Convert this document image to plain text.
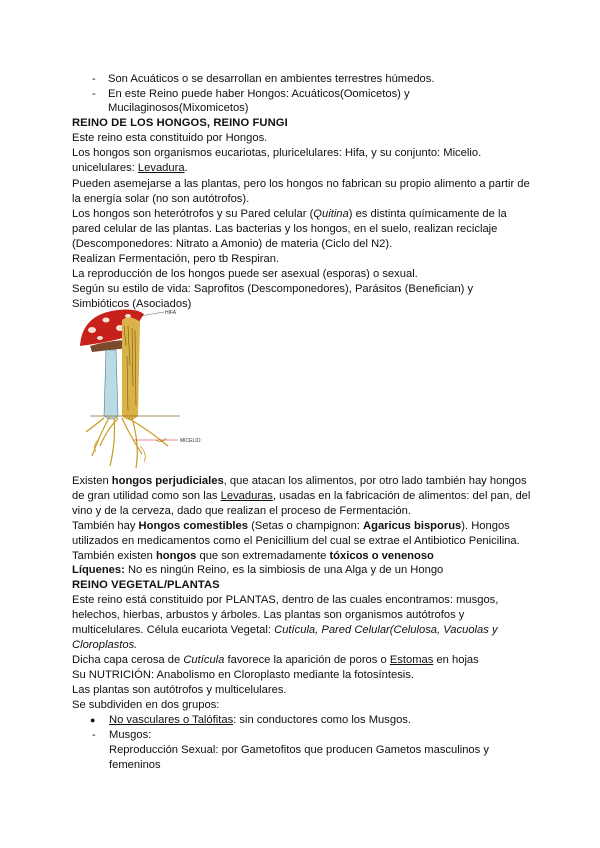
- Son Acuáticos o se desarrollan en ambientes terrestres húmedos.
- En este Reino puede haber Hongos: Acuáticos(Oomicetos) y
Mucilaginosos(Mixomicetos)
REINO DE LOS HONGOS, REINO FUNGI
Este reino esta constituido por Hongos.
Los hongos son organismos eucariotas, pluricelulares: Hifa, y su conjunto: Micelio.
unicelulares: Levadura.
Pueden asemejarse a las plantas, pero los hongos no fabrican su propio alimento a partir de
la energía solar (no son autótrofos).
Los hongos son heterótrofos y su Pared celular (Quitina) es distinta químicamente de la
pared celular de las plantas. Las bacterias y los hongos, en el suelo, realizan reciclaje
(Descomponedores: Nitrato a Amonio) de materia (Ciclo del N2).
Realizan Fermentación, pero tb Respiran.
La reproducción de los hongos puede ser asexual (esporas) o sexual.
Según su estilo de vida: Saprofitos (Descomponedores), Parásitos (Benefician) y
Simbióticos (Asociados)
HIFA
MICELIO
Existen hongos perjudiciales, que atacan los alimentos, por otro lado también hay hongos
de gran utilidad como son las Levaduras, usadas en la fabricación de alimentos: del pan, del
vino y de la cerveza, dado que realizan el proceso de Fermentación.
También hay Hongos comestibles (Setas o champignon: Agaricus bisporus). Hongos
utilizados en medicamentos como el Penicillium del cual se extrae el Antibiotico Penicilina.
También existen hongos que son extremadamente tóxicos o venenoso
Líquenes: No es ningún Reino, es la simbiosis de una Alga y de un Hongo
REINO VEGETAL/PLANTAS
Este reino está constituido por PLANTAS, dentro de las cuales encontramos: musgos,
helechos, hierbas, arbustos y árboles. Las plantas son organismos autótrofos y
multicelulares. Célula eucariota Vegetal: Cutícula, Pared Celular(Celulosa, Vacuolas y
Cloroplastos.
Dicha capa cerosa de Cutícula favorece la aparición de poros o Estomas en hojas
Su NUTRICIÓN: Anabolismo en Cloroplasto mediante la fotosíntesis.
Las plantas son autótrofos y multicelulares.
Se subdividen en dos grupos:
● No vasculares o Talófitas: sin conductores como los Musgos.
- Musgos:
Reproducción Sexual: por Gametofitos que producen Gametos masculinos y
femeninos
